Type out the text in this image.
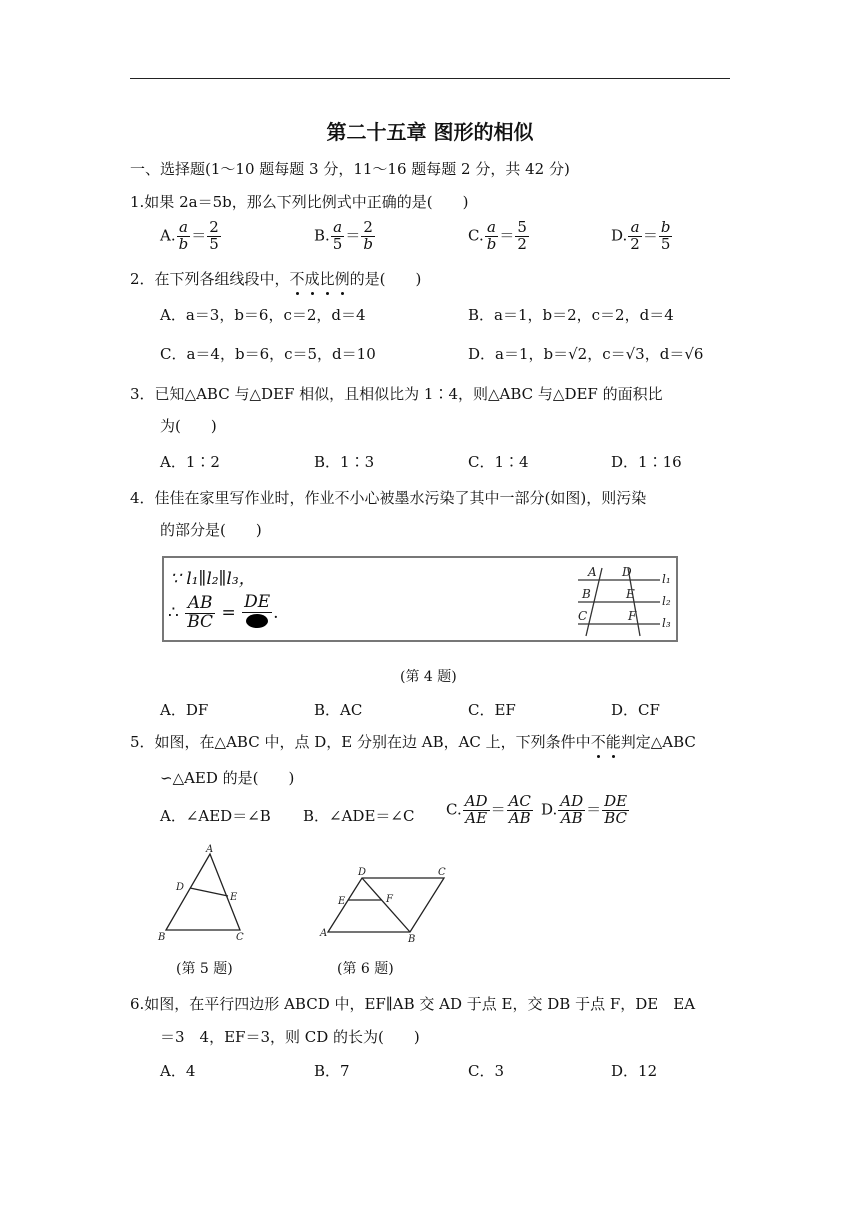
第二十五章 图形的相似
一、选择题(1～10 题每题 3 分，11～16 题每题 2 分，共 42 分)
1.如果 2a＝5b，那么下列比例式中正确的是(　　)
A. $\frac{a}{b} = \frac{2}{5}$	B. $\frac{a}{5} = \frac{2}{b}$	C. $\frac{a}{b} = \frac{5}{2}$	D. $\frac{a}{2} = \frac{b}{5}$
2．在下列各组线段中，不成比例的是(　　)
A．a＝3，b＝6，c＝2，d＝4	B．a＝1，b＝2，c＝2，d＝4
C．a＝4，b＝6，c＝5，d＝10	D．a＝1，b＝√2，c＝√3，d＝√6
3．已知△ABC 与△DEF 相似，且相似比为 1∶4，则△ABC 与△DEF 的面积比
为(　　)
A．1∶2	B．1∶3	C．1∶4	D．1∶16
4．佳佳在家里写作业时，作业不小心被墨水污染了其中一部分(如图)，则污染
的部分是(　　)
∵ l₁∥l₂∥l₃，
∴ $\frac{AB}{BC}$ =
DE
.
A D
B	E
C	F
l₁
l₂
l₃
(第 4 题)
A．DF	B．AC	C．EF	D．CF
5．如图，在△ABC 中，点 D，E 分别在边 AB，AC 上，下列条件中不能判定△ABC
∽△AED 的是(　　)
A．∠AED＝∠B B．∠ADE＝∠C C. $\frac{AD}{AE} = \frac{AC}{AB} D$. $\frac{AD}{AB} = \frac{DE}{BC}$
A
D
E
B	C
(第 5 题)
D	C
E	F
A
B
(第 6 题)
6.如图，在平行四边形 ABCD 中，EF∥AB 交 AD 于点 E，交 DB 于点 F，DE　EA
＝3　4，EF＝3，则 CD 的长为(　　)
A．4	B．7	C．3	D．12
